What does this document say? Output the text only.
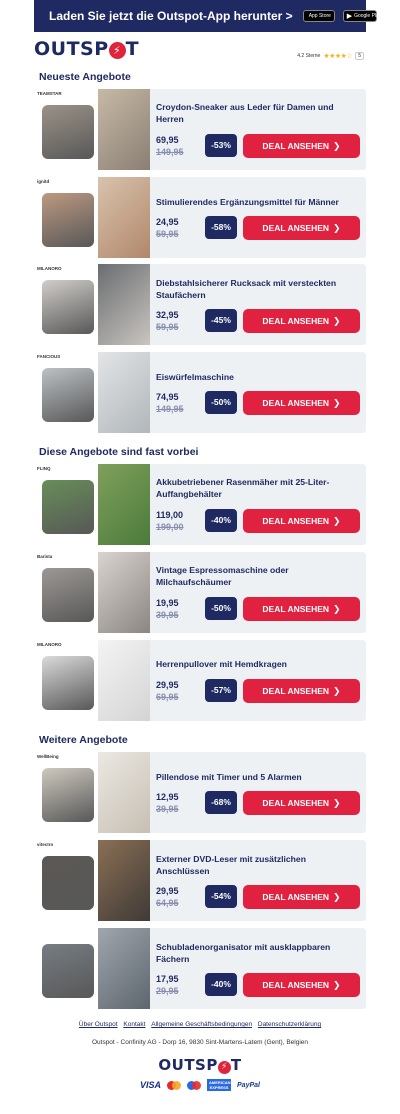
Laden Sie jetzt die Outspot-App herunter >	App Store ▶ Google Play
OUTSP ⚡ T	4.2 Sterne ★★★★☆	5
Neueste Angebote
Diese Angebote sind fast vorbei
Weitere Angebote
TEAMSTAR
Croydon-Sneaker aus Leder für Damen und Herren
69,95
149,95
-53%	DEAL ANSEHEN ❯
ignitd
Stimulierendes Ergänzungsmittel für Männer
24,95
59,95
-58%	DEAL ANSEHEN ❯
MILANORO
Diebstahlsicherer Rucksack mit versteckten Staufächern
32,95
59,95
-45%	DEAL ANSEHEN ❯
FANCIOUS
Eiswürfelmaschine
74,95
149,95
-50%	DEAL ANSEHEN ❯
FLINQ
Akkubetriebener Rasenmäher mit 25-Liter-Auffangbehälter
119,00
199,00
-40%	DEAL ANSEHEN ❯
Barista
Vintage Espressomaschine oder Milchaufschäumer
19,95
39,95
-50%	DEAL ANSEHEN ❯
MILANORO
Herrenpullover mit Hemdkragen
29,95
69,95
-57%	DEAL ANSEHEN ❯
WellBeing
Pillendose mit Timer und 5 Alarmen
12,95
39,95
-68%	DEAL ANSEHEN ❯
vitectro
Externer DVD-Leser mit zusätzlichen Anschlüssen
29,95
64,95
-54%	DEAL ANSEHEN ❯
Schubladenorganisator mit ausklappbaren Fächern
17,95
29,95
-40%	DEAL ANSEHEN ❯
Über Outspot Kontakt Allgemeine Geschäftsbedingungen Datenschutzerklärung
Outspot - Confinity AG - Dorp 16, 9830 Sint-Martens-Latem (Gent), Belgien
OUTSP ⚡ T
VISA	AMERICAN EXPRESS	PayPal
